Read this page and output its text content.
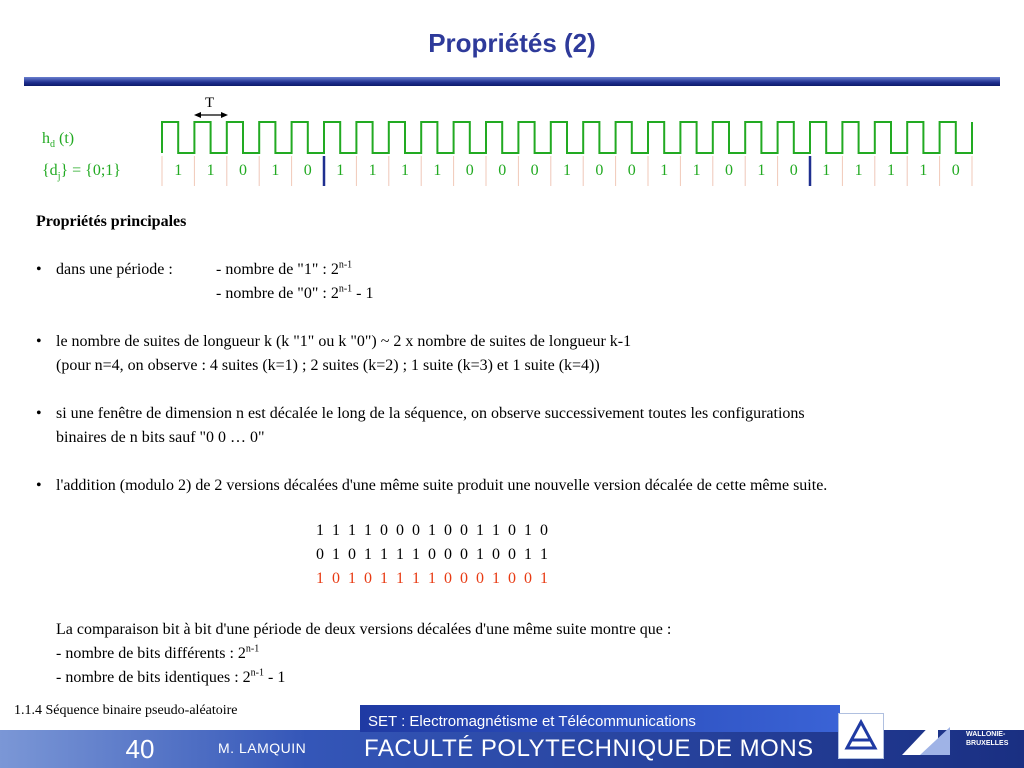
Propriétés (2)
$h_d$ (t)
$\{d_j\}$ = {0;1}
T
1	1	0	1	0	1	1	1	1	0	0	0	1	0	0	1	1	0	1	0	1	1	1	1	0

Propriétés principales

• dans une période :	- nombre de "1" : 2$^{n-1}$

- nombre de "0" : 2$^{n-1}$ - 1

• le nombre de suites de longueur k (k "1" ou k "0") ~ 2 x nombre de suites de longueur k-1

(pour n=4, on observe : 4 suites (k=1) ; 2 suites (k=2) ; 1 suite (k=3) et 1 suite (k=4))

• si une fenêtre de dimension n est décalée le long de la séquence, on observe successivement toutes les configurations

binaires de n bits sauf "0 0 … 0"

• l'addition (modulo 2) de 2 versions décalées d'une même suite produit une nouvelle version décalée de cette même suite.

1 1 1 1 0 0 0 1 0 0 1 1 0 1 0
0 1 0 1 1 1 1 0 0 0 1 0 0 1 1
1 0 1 0 1 1 1 1 0 0 0 1 0 0 1

La comparaison bit à bit d'une période de deux versions décalées d'une même suite montre que :

- nombre de bits différents : 2$^{n-1}$

- nombre de bits identiques : 2$^{n-1}$ - 1

1.1.4 Séquence binaire pseudo-aléatoire
SET : Electromagnétisme et Télécommunications
40	M. LAMQUIN FACULTÉ POLYTECHNIQUE DE MONS
ACADÉMIE
UNIVERSITAIRE
WALLONIE-
BRUXELLES
